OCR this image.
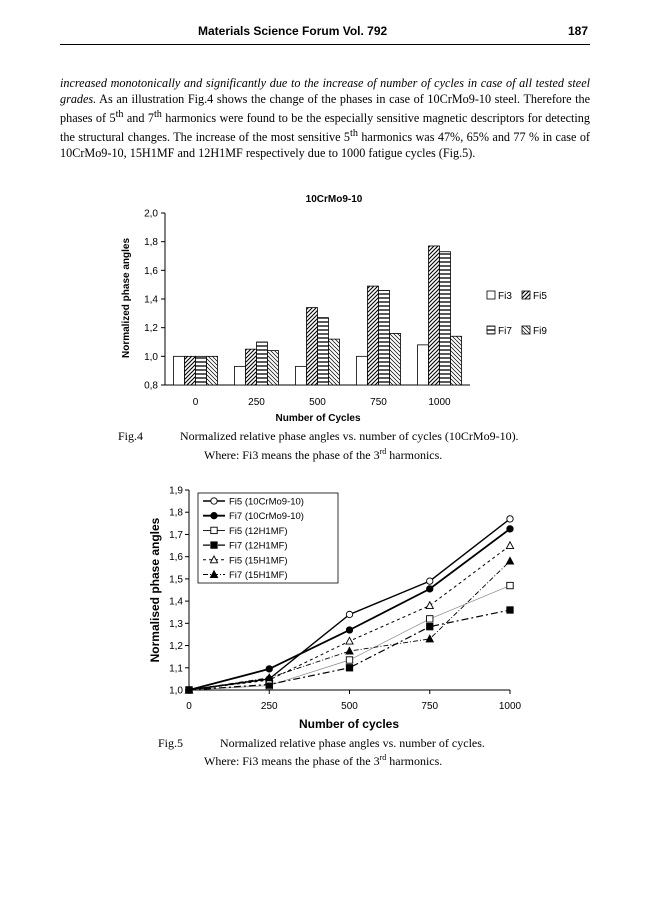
Materials Science Forum Vol. 792	187
increased monotonically and significantly due to the increase of number of cycles in case of all tested steel grades. As an illustration Fig.4 shows the change of the phases in case of 10CrMo9-10 steel. Therefore the phases of 5th and 7th harmonics were found to be the especially sensitive magnetic descriptors for detecting the structural changes. The increase of the most sensitive 5th harmonics was 47%, 65% and 77 % in case of 10CrMo9-10, 15H1MF and 12H1MF respectively due to 1000 fatigue cycles (Fig.5).
10CrMo9-10
Normalized phase angles
Number of Cycles
0,8
1,0
1,2
1,4
1,6
1,8
2,0
0	250	500	750	1000
Fi3 Fi5
Fi7 Fi9
Fig.4	Normalized relative phase angles vs. number of cycles (10CrMo9-10).
Where: Fi3 means the phase of the 3rd harmonics.
Normalised phase angles
Number of cycles
1,0
1,1
1,2
1,3
1,4
1,5
1,6
1,7
1,8
1,9
0	250	500	750	1000
Fi5 (10CrMo9-10)
Fi7 (10CrMo9-10)
Fi5 (12H1MF)
Fi7 (12H1MF)
Fi5 (15H1MF)
Fi7 (15H1MF)
Fig.5	Normalized relative phase angles vs. number of cycles.
Where: Fi3 means the phase of the 3rd harmonics.
